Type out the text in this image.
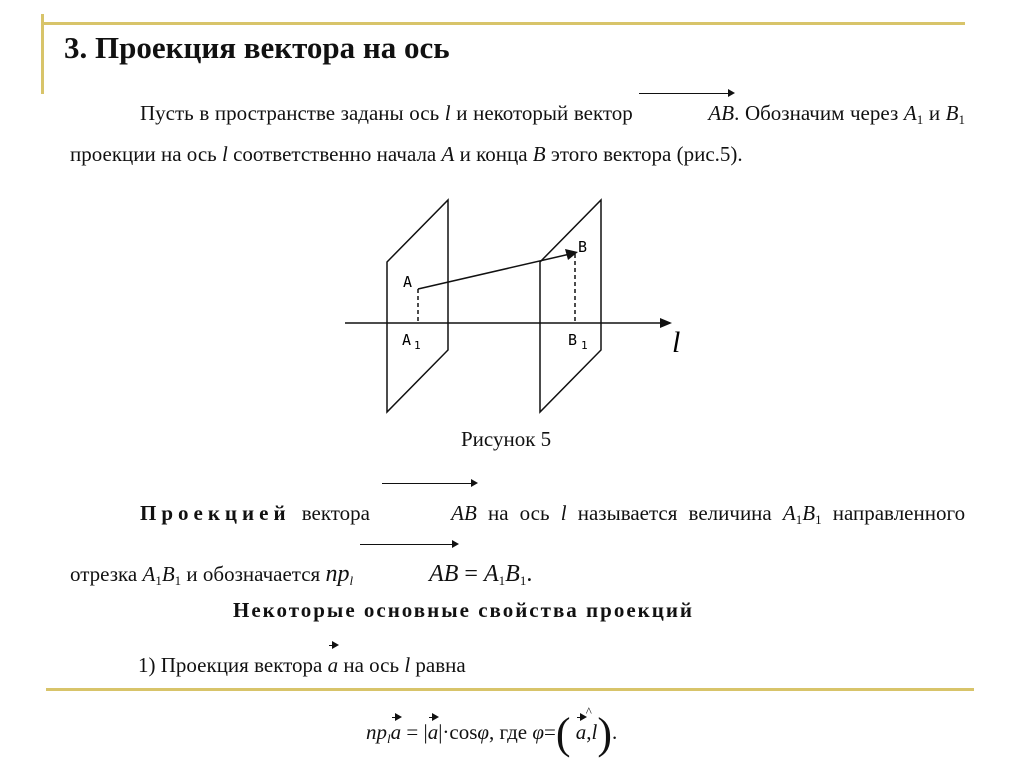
3. Проекция вектора на ось
Пусть в пространстве заданы ось l и некоторый вектор	AB. Обозначим через $A_1$ и $B_1$ проекции на ось l соответственно начала A и конца B этого вектора (рис.5).
A
B
A 1	B 1	l
Рисунок 5
Проекцией вектора	AB на ось l называется величина $A_1B_1$ направленного отрезка $A_1B_1$ и обозначается $np_l$	AB = $A_1B_1$.
Некоторые основные свойства проекций
1) Проекция вектора a на ось l равна
$np_la = |a|\cdot\cos\varphi$, где φ=( ^
a,l).
